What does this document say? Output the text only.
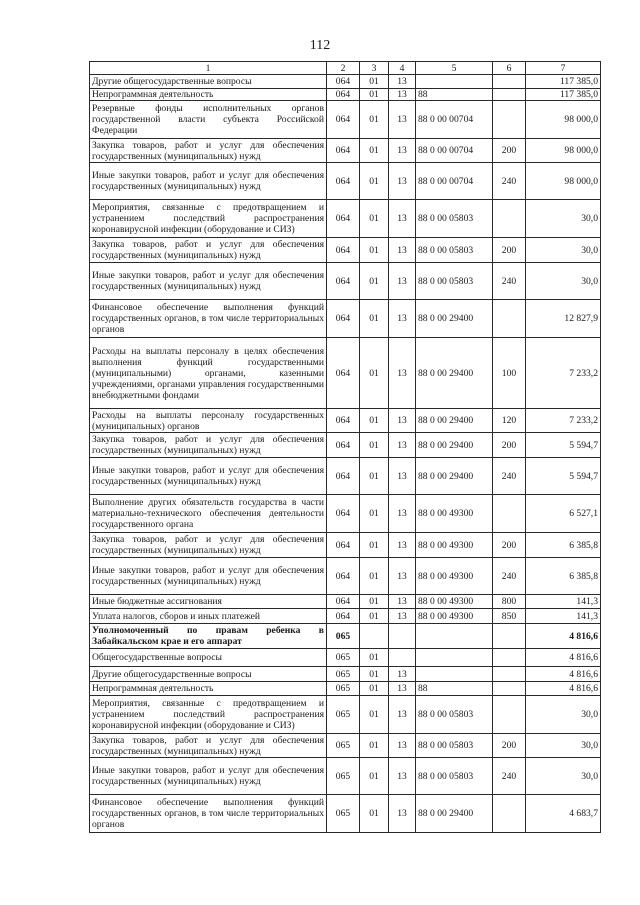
112
1	2	3	4	5	6	7
Другие общегосударственные вопросы	064	01	13			117 385,0
Непрограммная деятельность	064	01	13	88		117 385,0
Резервные фонды исполнительных органов государственной власти субъекта Российской Федерации	064	01	13	88 0 00 00704		98 000,0
Закупка товаров, работ и услуг для обеспечения государственных (муниципальных) нужд	064	01	13	88 0 00 00704	200	98 000,0
Иные закупки товаров, работ и услуг для обеспечения государственных (муниципальных) нужд	064	01	13	88 0 00 00704	240	98 000,0
Мероприятия, связанные с предотвращением и устранением последствий распространения коронавирусной инфекции (оборудование и СИЗ)	064	01	13	88 0 00 05803		30,0
Закупка товаров, работ и услуг для обеспечения государственных (муниципальных) нужд	064	01	13	88 0 00 05803	200	30,0
Иные закупки товаров, работ и услуг для обеспечения государственных (муниципальных) нужд	064	01	13	88 0 00 05803	240	30,0
Финансовое обеспечение выполнения функций государственных органов, в том числе территориальных органов	064	01	13	88 0 00 29400		12 827,9
Расходы на выплаты персоналу в целях обеспечения выполнения функций государственными (муниципальными) органами, казенными учреждениями, органами управления государственными внебюджетными фондами	064	01	13	88 0 00 29400	100	7 233,2
Расходы на выплаты персоналу государственных (муниципальных) органов	064	01	13	88 0 00 29400	120	7 233,2
Закупка товаров, работ и услуг для обеспечения государственных (муниципальных) нужд	064	01	13	88 0 00 29400	200	5 594,7
Иные закупки товаров, работ и услуг для обеспечения государственных (муниципальных) нужд	064	01	13	88 0 00 29400	240	5 594,7
Выполнение других обязательств государства в части материально-технического обеспечения деятельности государственного органа	064	01	13	88 0 00 49300		6 527,1
Закупка товаров, работ и услуг для обеспечения государственных (муниципальных) нужд	064	01	13	88 0 00 49300	200	6 385,8
Иные закупки товаров, работ и услуг для обеспечения государственных (муниципальных) нужд	064	01	13	88 0 00 49300	240	6 385,8
Иные бюджетные ассигнования	064	01	13	88 0 00 49300	800	141,3
Уплата налогов, сборов и иных платежей	064	01	13	88 0 00 49300	850	141,3
Уполномоченный по правам ребенка в Забайкальском крае и его аппарат	065					4 816,6
Общегосударственные вопросы	065	01				4 816,6
Другие общегосударственные вопросы	065	01	13			4 816,6
Непрограммная деятельность	065	01	13	88		4 816,6
Мероприятия, связанные с предотвращением и устранением последствий распространения коронавирусной инфекции (оборудование и СИЗ)	065	01	13	88 0 00 05803		30,0
Закупка товаров, работ и услуг для обеспечения государственных (муниципальных) нужд	065	01	13	88 0 00 05803	200	30,0
Иные закупки товаров, работ и услуг для обеспечения государственных (муниципальных) нужд	065	01	13	88 0 00 05803	240	30,0
Финансовое обеспечение выполнения функций государственных органов, в том числе территориальных органов	065	01	13	88 0 00 29400		4 683,7
